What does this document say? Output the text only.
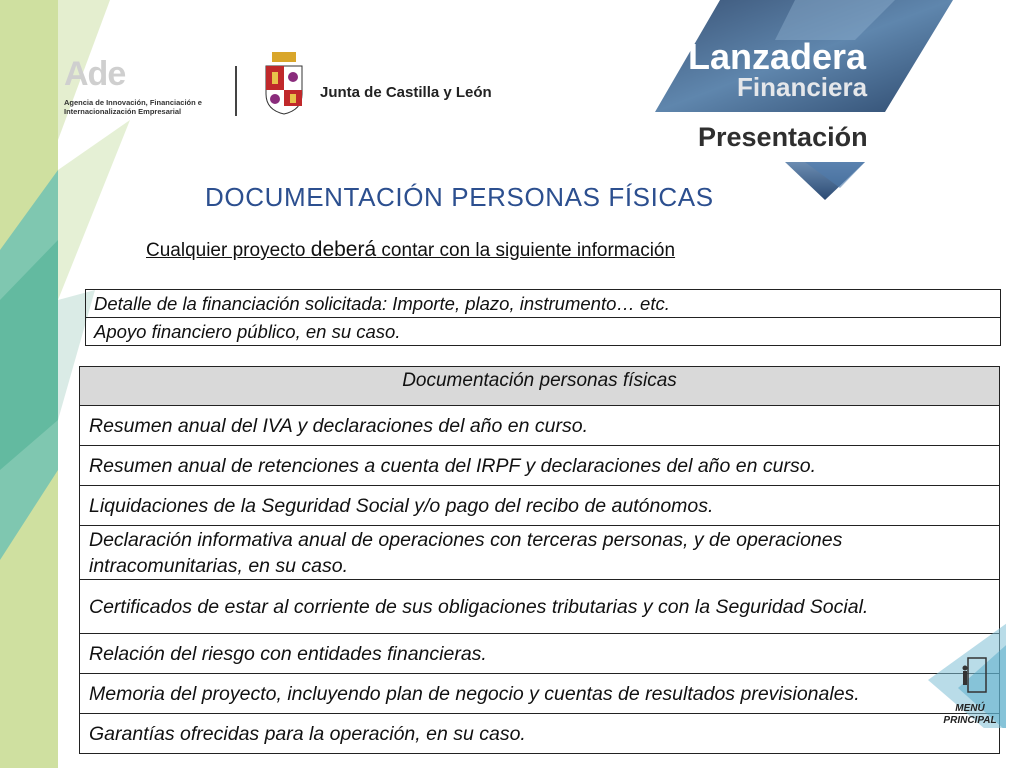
Ade
Agencia de Innovación, Financiación e Internacionalización Empresarial
Junta de Castilla y León
Lanzadera
Financiera
Presentación
DOCUMENTACIÓN PERSONAS FÍSICAS
Cualquier proyecto deberá contar con la siguiente información
Detalle de la financiación solicitada: Importe, plazo, instrumento… etc.
Apoyo financiero público, en su caso.
Documentación personas físicas
Resumen anual del IVA y declaraciones del año en curso.
Resumen anual de retenciones a cuenta del IRPF y declaraciones del año en curso.
Liquidaciones de la Seguridad Social y/o pago del recibo de autónomos.
Declaración informativa anual de operaciones con terceras personas, y de operaciones intracomunitarias, en su caso.
Certificados de estar al corriente de sus obligaciones tributarias y con la Seguridad Social.
Relación del riesgo con entidades financieras.
Memoria del proyecto, incluyendo plan de negocio y cuentas de resultados previsionales.
Garantías ofrecidas para la operación, en su caso.
MENÚ PRINCIPAL
